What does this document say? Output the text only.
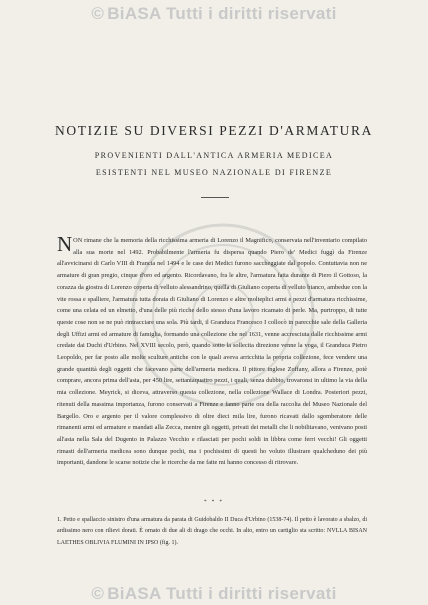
© BiASA Tutti i diritti riservati
NOTIZIE SU DIVERSI PEZZI D'ARMATURA
PROVENIENTI DALL'ANTICA ARMERIA MEDICEA
ESISTENTI NEL MUSEO NAZIONALE DI FIRENZE

NON rimane che la memoria della ricchissima armeria di Lorenzo il Magnifico, conservata nell'inventario compilato alla sua morte nel 1492. Probabilmente l'armeria fu dispersa quando Piero de' Medici fuggì da Firenze all'avvicinarsi di Carlo VIII di Francia nel 1494 e le case dei Medici furono saccheggiate dal popolo. Contuttavia non ne armature di gran pregio, cinque d'oro ed argento. Ricordavano, fra le altre, l'armatura fatta durante di Piero il Gottoso, la corazza da giostra di Lorenzo coperta di velluto alessandrino, quella di Giuliano coperta di velluto bianco, ambedue con la vite rossa e spalliere, l'armatura tutta dorata di Giuliano di Lorenzo e altre molteplici armi e pezzi d'armatura ricchissime, come una celata ed un elmetto, d'una delle più ricche dello stesso d'una lavoro ricamato di perle. Ma, purtroppo, di tutte queste cose non se ne può rintracciare una sola. Più tardi, il Granduca Francesco I collocò in parecchie sale della Galleria degli Uffizi armi ed armature di famiglia, formando una collezione che nel 1631, venne accresciuta dalle ricchissime armi credate dai Duchi d'Urbino. Nel XVIII secolo, però, quando sotto la sollecita direzione venne la voga, il Granduca Pietro Leopoldo, per far posto alle molte sculture antiche con le quali aveva arricchita la propria collezione, fece vendere una grande quantità degli oggetti che facevano parte dell'armeria medicea. Il pittore inglese Zoffany, allora a Firenze, potè comprare, ancora prima dell'asta, per 450 lire, settantaquattro pezzi, i quali, senza dubbio, trovaronsi in ultimo la via della mia collezione. Meyrick, si diceva, attraverso questa collezione, nella collezione Wallace di Londra. Posteriori pezzi, ritenuti della massima importanza, furono conservati a Firenze e fanno parte ora della raccolta del Museo Nazionale del Bargello. Oro e argento per il valore complessivo di oltre dieci mila lire, furono ricavati dallo sgomberatore delle rimanenti armi ed armature e mandati alla Zecca, mentre gli oggetti, privati dei metalli che li nobilitavano, venivano posti all'asta nella Sala del Dugento in Palazzo Vecchio e rilasciati per pochi soldi in libbra come ferri vecchi! Gli oggetti rimasti dell'armeria medicea sono dunque pochi, ma i pochissimi di questi ho voluto illustrare qualcheduno dei più importanti, dandone le scarse notizie che le ricerche da me fatte mi hanno concesso di ritrovare.

* * *

1. Petto e spallaccio sinistro d'una armatura da parata di Guidobaldo II Duca d'Urbino (1538-74). Il petto è lavorato a sbalzo, di ardissimo nero con rilievi dorati. È ornato di due ali di drago che occhi. In alto, entro un cartiglio sta scritto: NVLLA BISAN LAETHES OBLIVIA FLUMINI IN IPSO (fig. 1).

© BiASA Tutti i diritti riservati
